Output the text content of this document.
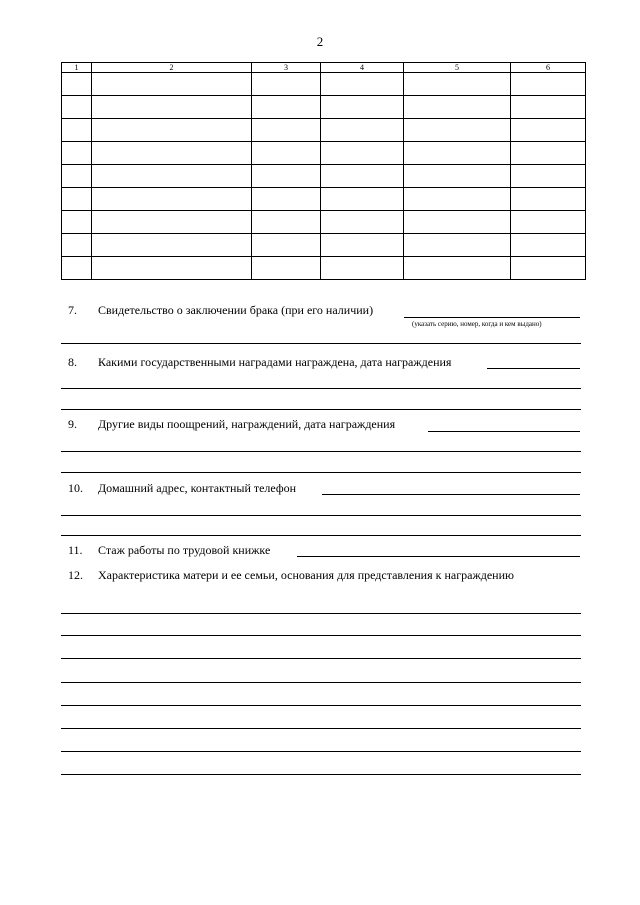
2
1	2	3	4	5	6

7. Свидетельство о заключении брака (при его наличии)
(указать серию, номер, когда и кем выдано)
8. Какими государственными наградами награждена, дата награждения
9. Другие виды поощрений, награждений, дата награждения
10. Домашний адрес, контактный телефон
11. Стаж работы по трудовой книжке
12. Характеристика матери и ее семьи, основания для представления к награждению
